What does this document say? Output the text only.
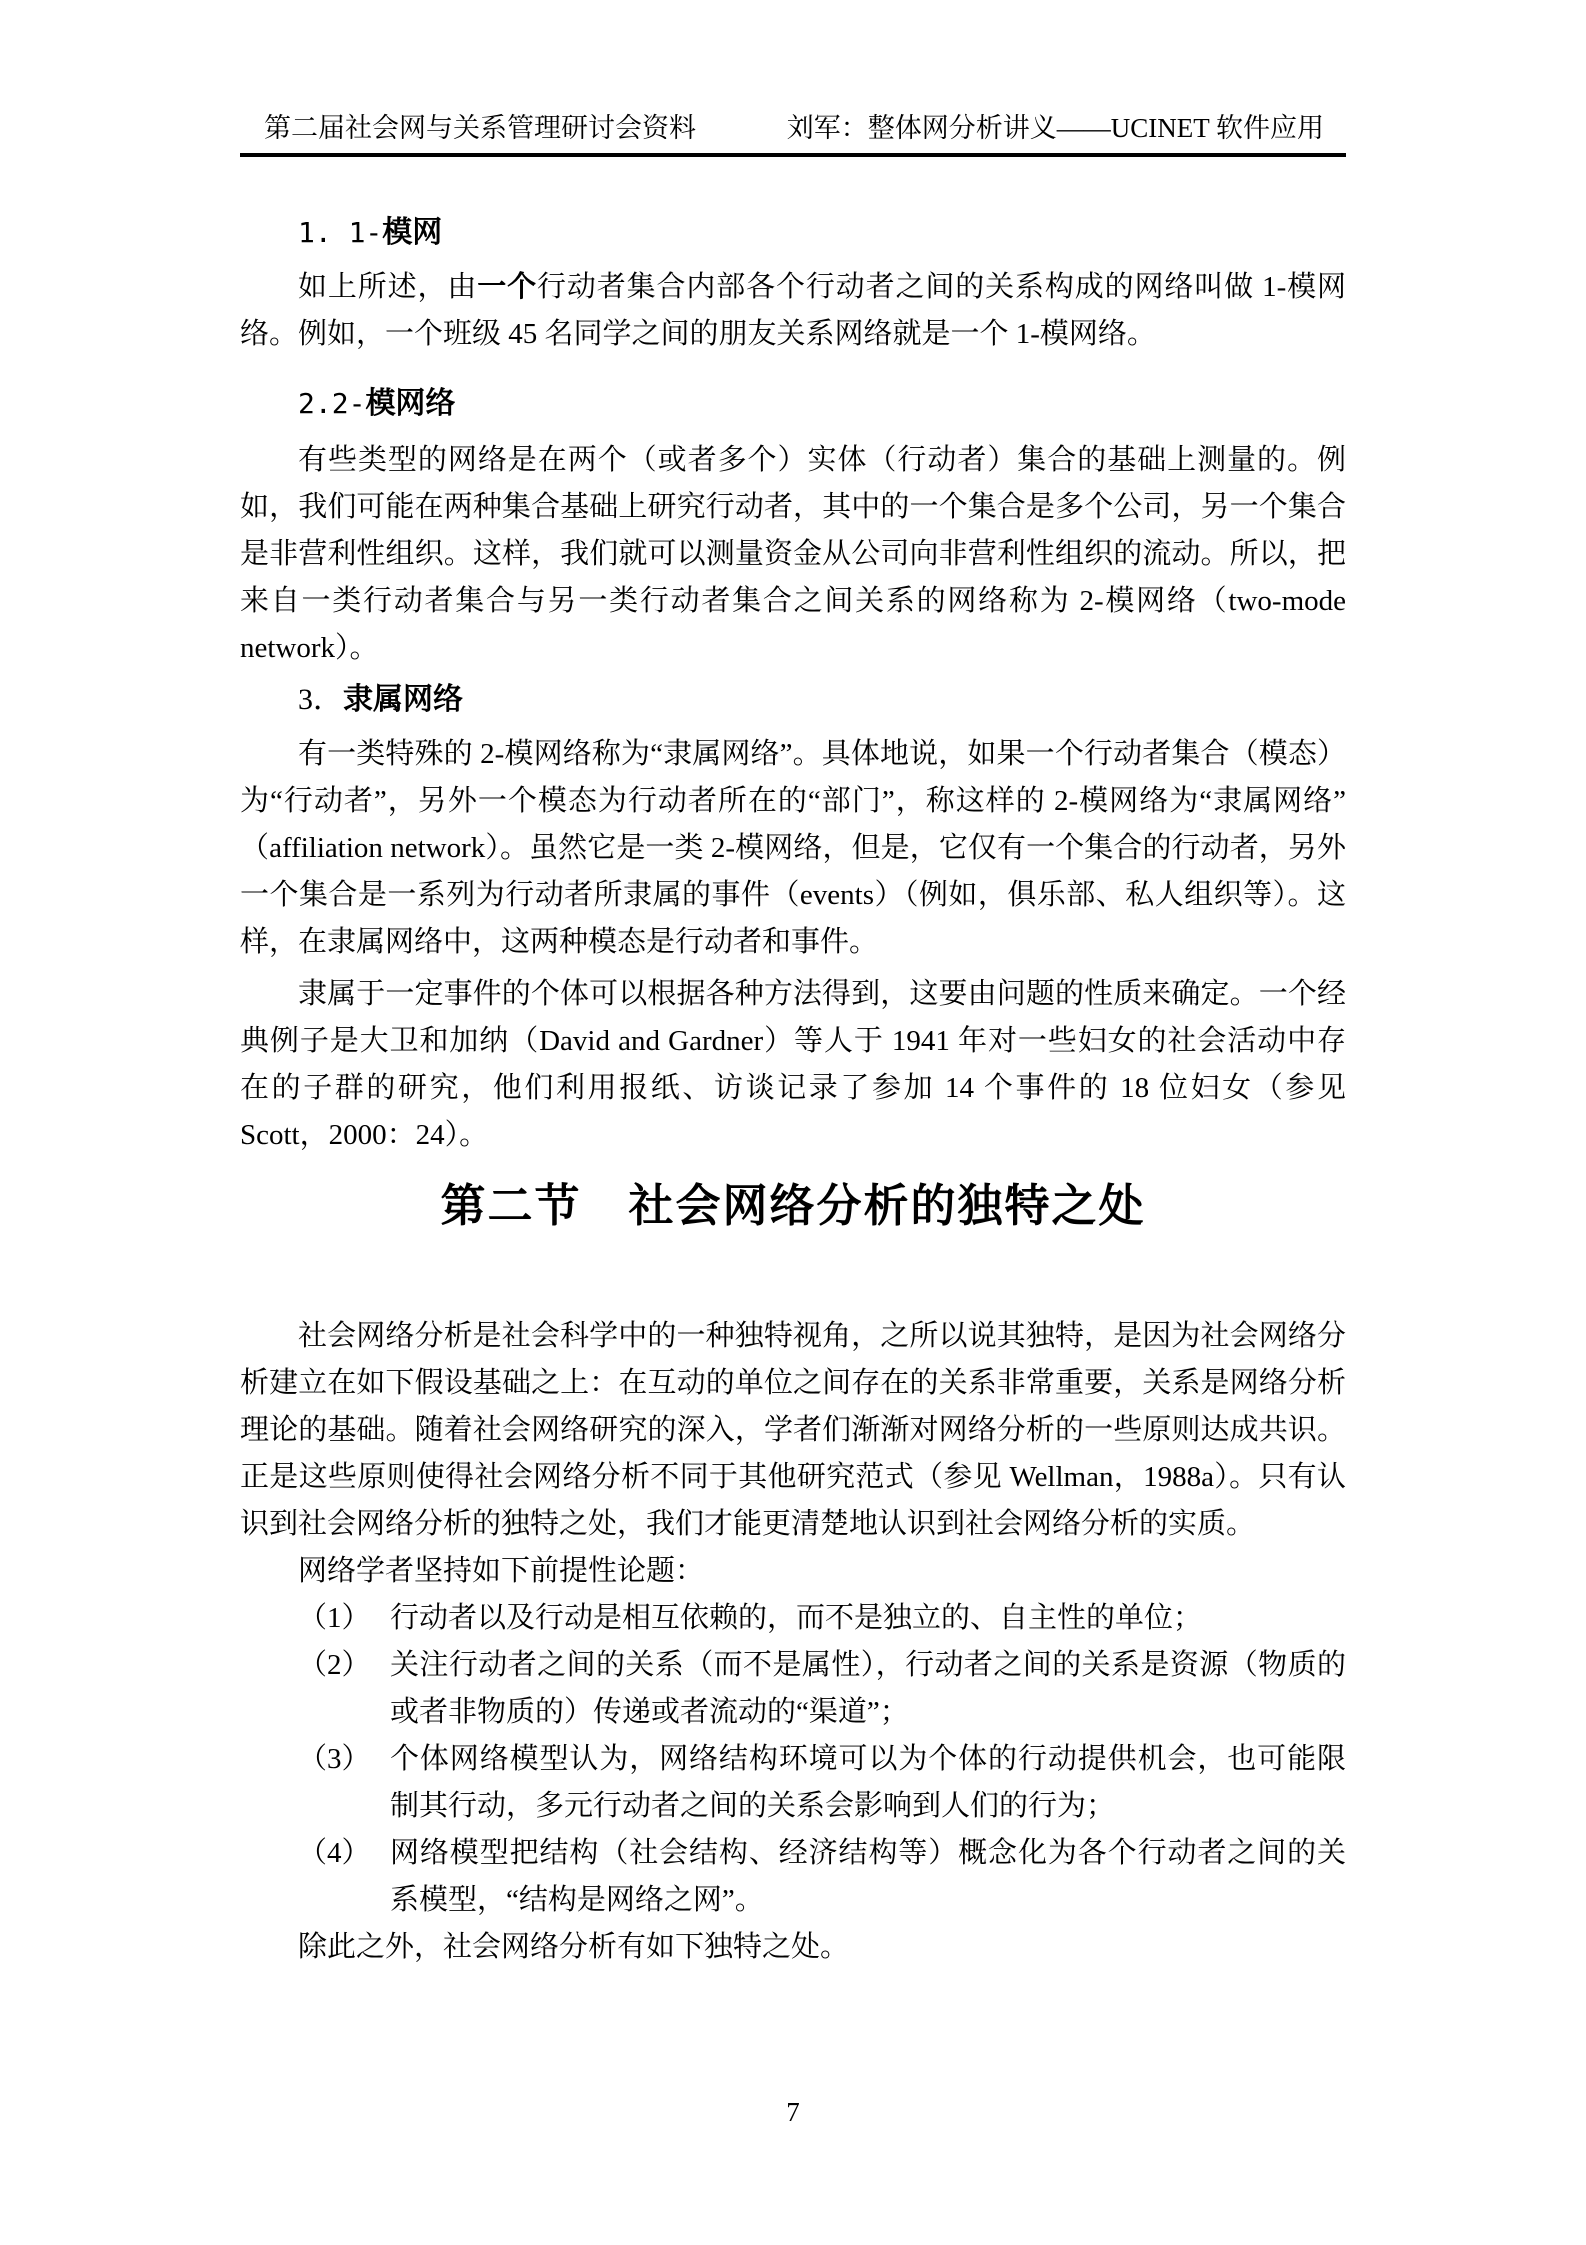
第二届社会网与关系管理研讨会资料	刘军：整体网分析讲义——UCINET 软件应用
1. 1-模网

如上所述，由一个行动者集合内部各个行动者之间的关系构成的网络叫做 1-模网络。例如，一个班级 45 名同学之间的朋友关系网络就是一个 1-模网络。

2.2-模网络

有些类型的网络是在两个（或者多个）实体（行动者）集合的基础上测量的。例如，我们可能在两种集合基础上研究行动者，其中的一个集合是多个公司，另一个集合是非营利性组织。这样，我们就可以测量资金从公司向非营利性组织的流动。所以，把来自一类行动者集合与另一类行动者集合之间关系的网络称为 2-模网络（two-mode network）。

3．隶属网络

有一类特殊的 2-模网络称为“隶属网络”。具体地说，如果一个行动者集合（模态）为“行动者”，另外一个模态为行动者所在的“部门”，称这样的 2-模网络为“隶属网络”（affiliation network）。虽然它是一类 2-模网络，但是，它仅有一个集合的行动者，另外一个集合是一系列为行动者所隶属的事件（events）（例如，俱乐部、私人组织等）。这样，在隶属网络中，这两种模态是行动者和事件。

隶属于一定事件的个体可以根据各种方法得到，这要由问题的性质来确定。一个经典例子是大卫和加纳（David and Gardner）等人于 1941 年对一些妇女的社会活动中存在的子群的研究，他们利用报纸、访谈记录了参加 14 个事件的 18 位妇女（参见 Scott，2000：24）。

第二节　社会网络分析的独特之处

社会网络分析是社会科学中的一种独特视角，之所以说其独特，是因为社会网络分析建立在如下假设基础之上：在互动的单位之间存在的关系非常重要，关系是网络分析理论的基础。随着社会网络研究的深入，学者们渐渐对网络分析的一些原则达成共识。正是这些原则使得社会网络分析不同于其他研究范式（参见 Wellman，1988a）。只有认识到社会网络分析的独特之处，我们才能更清楚地认识到社会网络分析的实质。

网络学者坚持如下前提性论题：

（1） 行动者以及行动是相互依赖的，而不是独立的、自主性的单位；
（2） 关注行动者之间的关系（而不是属性），行动者之间的关系是资源（物质的或者非物质的）传递或者流动的“渠道”；
（3） 个体网络模型认为，网络结构环境可以为个体的行动提供机会，也可能限制其行动，多元行动者之间的关系会影响到人们的行为；
（4） 网络模型把结构（社会结构、经济结构等）概念化为各个行动者之间的关系模型，“结构是网络之网”。

除此之外，社会网络分析有如下独特之处。

7
